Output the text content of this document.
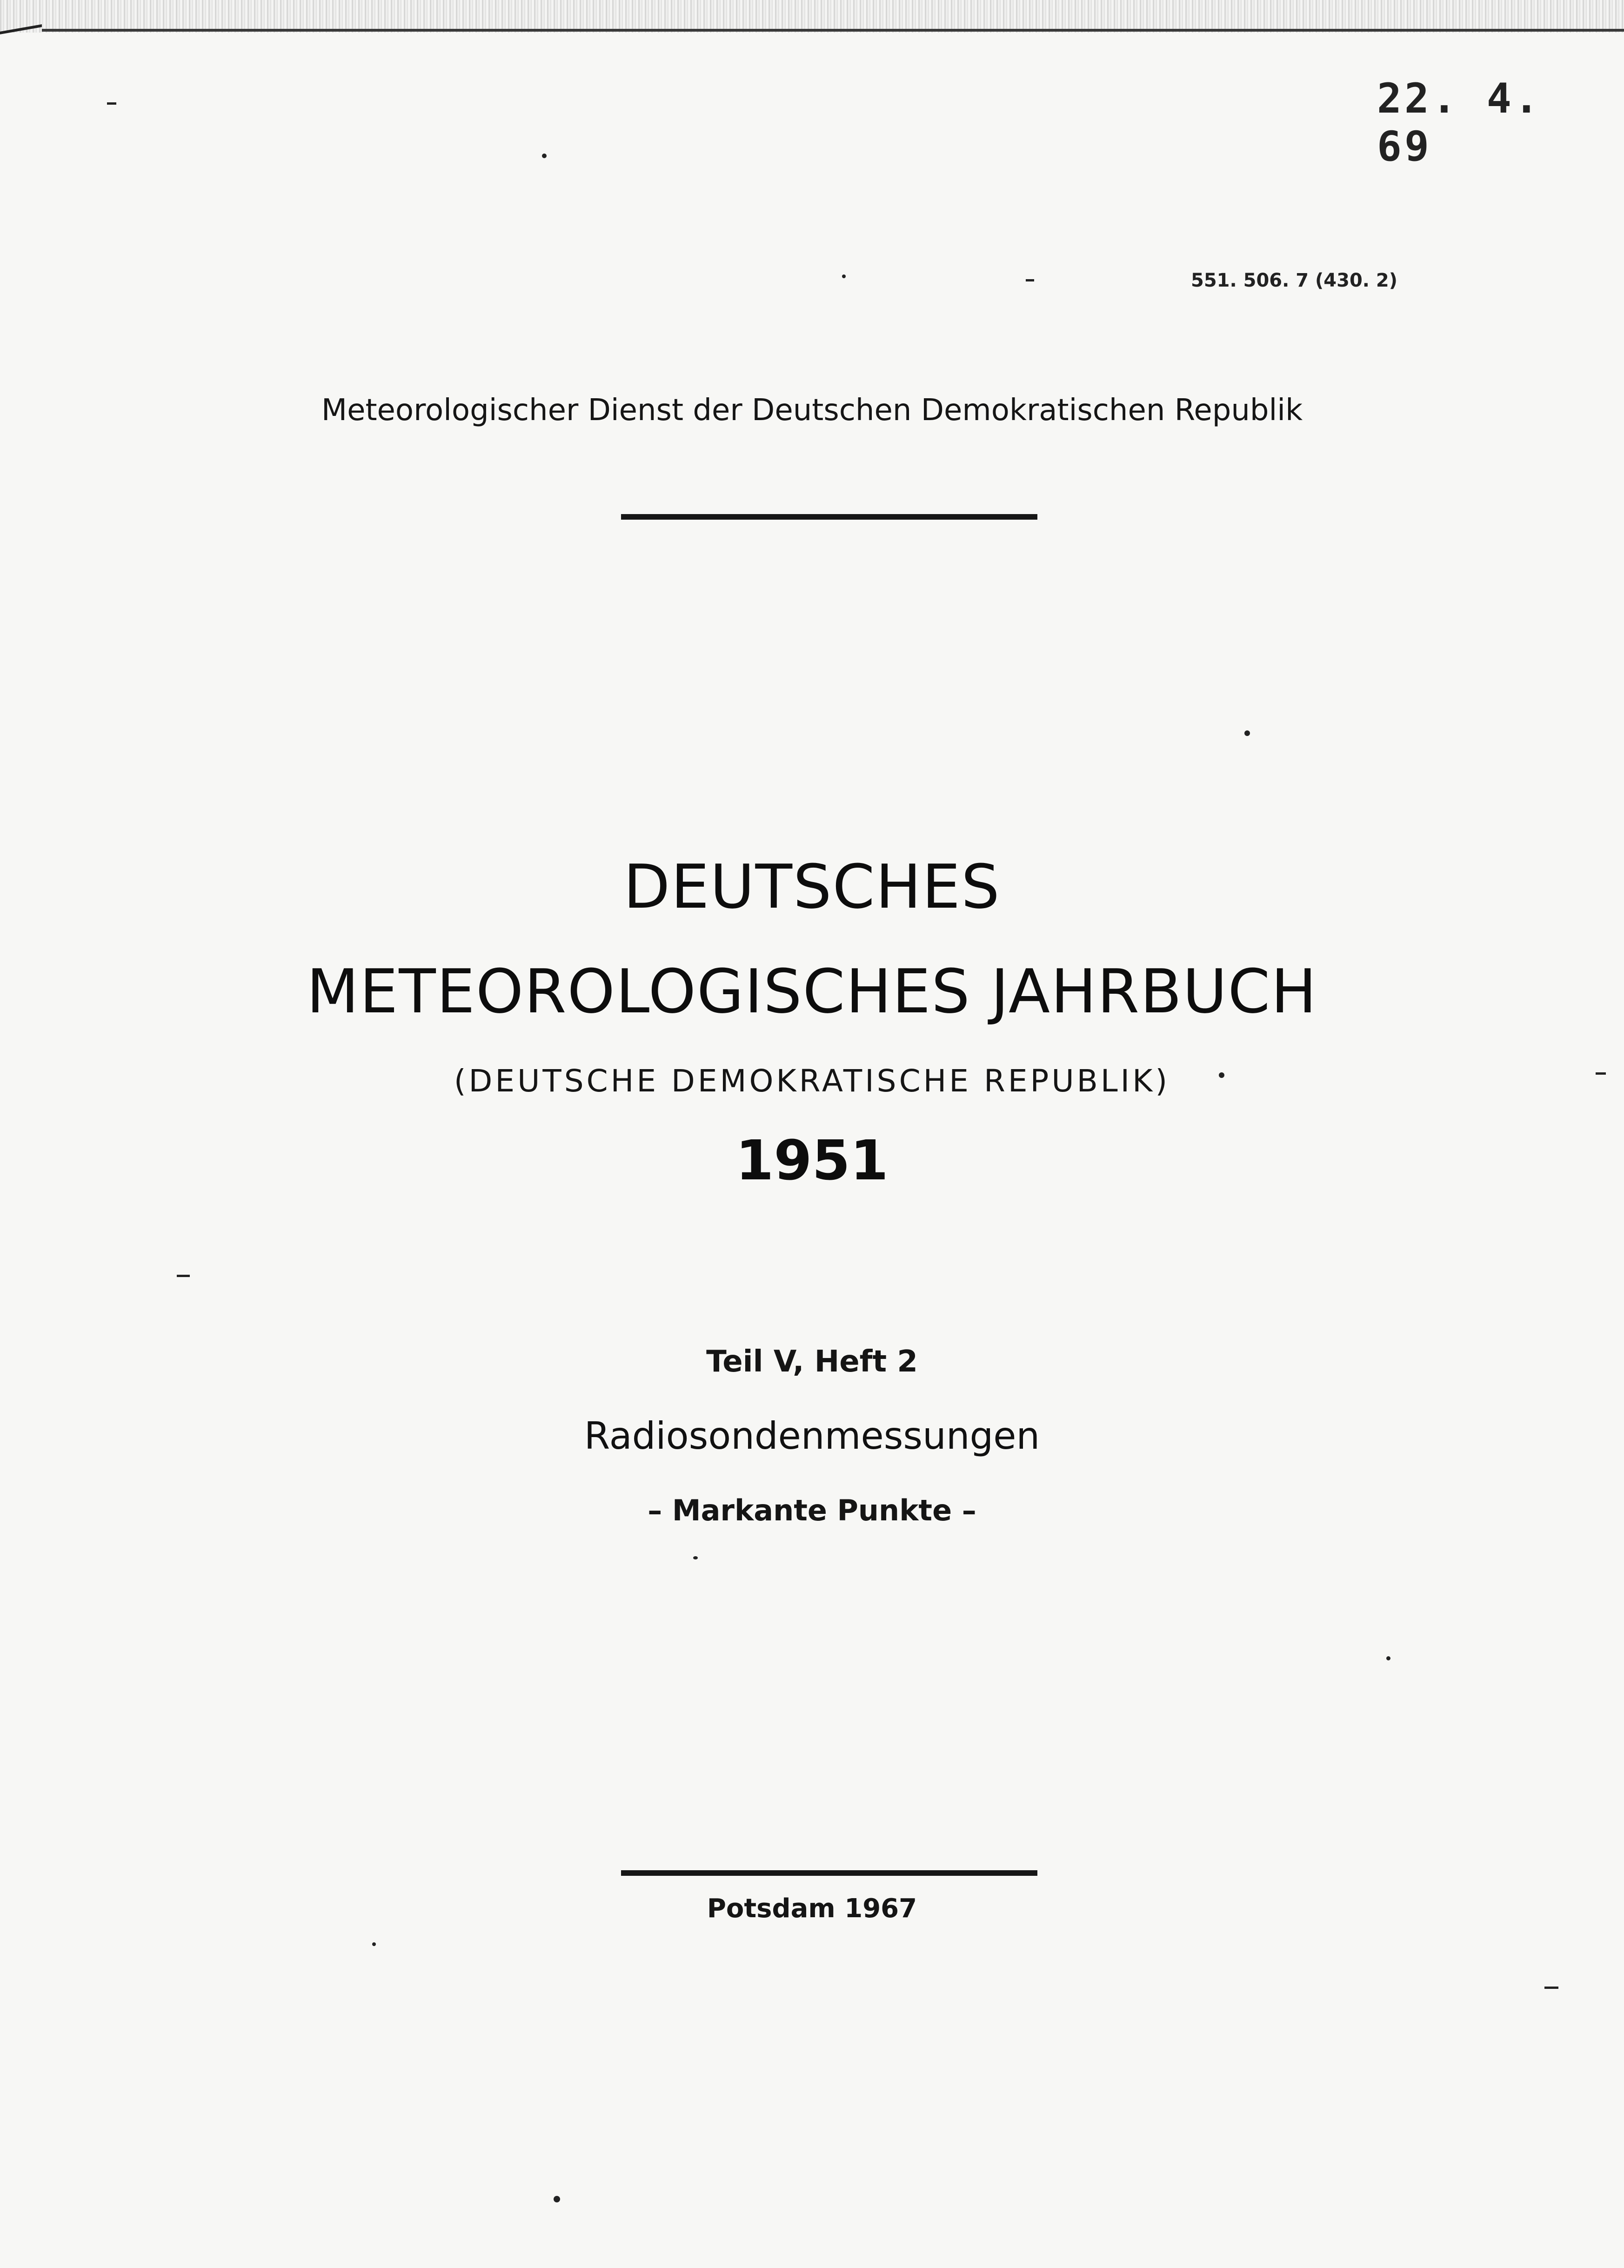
22. 4. 69
551. 506. 7 (430. 2)
Meteorologischer Dienst der Deutschen Demokratischen Republik
DEUTSCHES
METEOROLOGISCHES JAHRBUCH
(DEUTSCHE DEMOKRATISCHE REPUBLIK)
1951
Teil V, Heft 2
Radiosondenmessungen
– Markante Punkte –
Potsdam 1967
